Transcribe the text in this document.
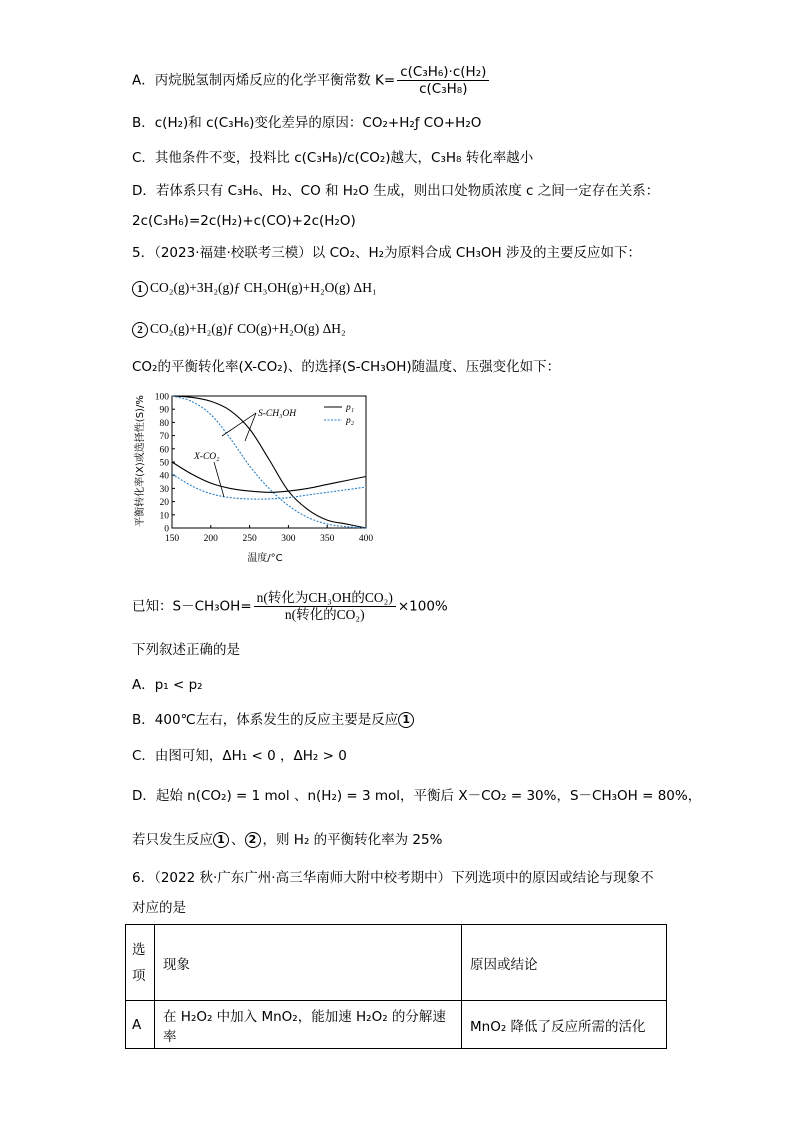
A．丙烷脱氢制丙烯反应的化学平衡常数 $K= \frac{\text{c(C₃H₆)·c(H₂)}}{\text{c(C₃H₈)}}$
B．c(H₂)和 c(C₃H₆)变化差异的原因：CO₂+H₂ƒ CO+H₂O
C．其他条件不变，投料比 c(C₃H₈)/c(CO₂)越大，C₃H₈ 转化率越小
D．若体系只有 C₃H₆、H₂、CO 和 H₂O 生成，则出口处物质浓度 c 之间一定存在关系：
2c(C₃H₆)=2c(H₂)+c(CO)+2c(H₂O)
5．（2023·福建·校联考三模）以 CO₂、H₂为原料合成 CH₃OH 涉及的主要反应如下：
1 CO₂(g)+3H₂(g)ƒ CH₃OH(g)+H₂O(g) ΔH₁
2 CO₂(g)+H₂(g)ƒ CO(g)+H₂O(g) ΔH₂
CO₂的平衡转化率(X-CO₂)、的选择(S-CH₃OH)随温度、压强变化如下：
平衡转化率(X)或选择性(S)/%
150	200	250	300	350	400
0
10
20
30
40
50
60
70
80
90
100
S-CH₃OH
X-CO₂
p₁
p₂
温度/°C
已知：$S-CH_3OH= \frac{\text{n(转化为CH₃OH的CO₂)}}{\text{n(转化的CO₂)}} \times 100\%$
下列叙述正确的是
A．p₁ < p₂
B．400℃左右，体系发生的反应主要是反应 1
C．由图可知，ΔH₁ < 0 ，ΔH₂ > 0
D．起始 n(CO₂) = 1 mol 、n(H₂) = 3 mol，平衡后 X－CO₂ = 30%，S－CH₃OH = 80%，
若只发生反应 1 、 2 ，则 H₂ 的平衡转化率为 25%
6．（2022 秋·广东广州·高三华南师大附中校考期中）下列选项中的原因或结论与现象不
对应的是
选项	现象	原因或结论
A	在 H₂O₂ 中加入 MnO₂，能加速 H₂O₂ 的分解速率	MnO₂ 降低了反应所需的活化
